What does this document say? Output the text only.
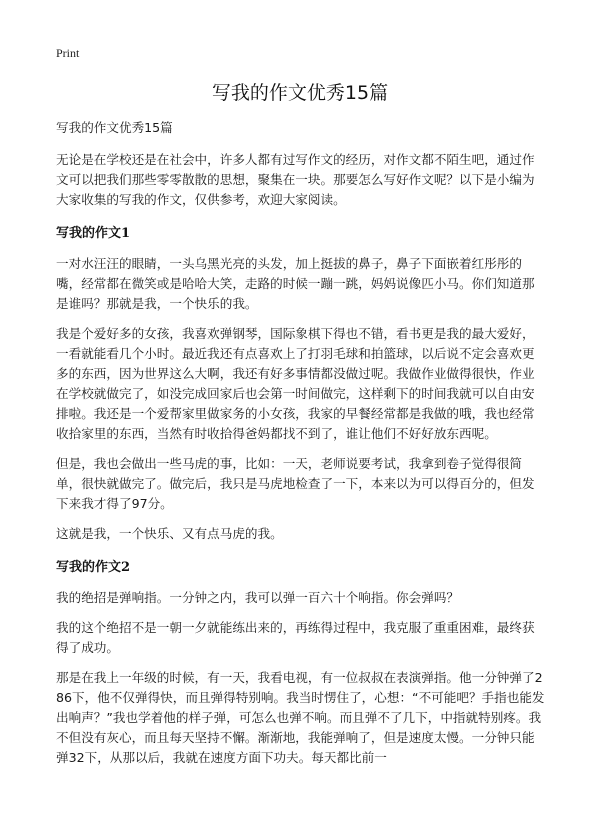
Print
写我的作文优秀15篇

写我的作文优秀15篇

无论是在学校还是在社会中，许多人都有过写作文的经历，对作文都不陌生吧，通过作文可以把我们那些零零散散的思想，聚集在一块。那要怎么写好作文呢？以下是小编为大家收集的写我的作文，仅供参考，欢迎大家阅读。

写我的作文1

一对水汪汪的眼睛，一头乌黑光亮的头发，加上挺拔的鼻子，鼻子下面嵌着红彤彤的嘴，经常都在微笑或是哈哈大笑，走路的时候一蹦一跳，妈妈说像匹小马。你们知道那是谁吗？那就是我，一个快乐的我。

我是个爱好多的女孩，我喜欢弹钢琴，国际象棋下得也不错，看书更是我的最大爱好，一看就能看几个小时。最近我还有点喜欢上了打羽毛球和拍篮球，以后说不定会喜欢更多的东西，因为世界这么大啊，我还有好多事情都没做过呢。我做作业做得很快，作业在学校就做完了，如没完成回家后也会第一时间做完，这样剩下的时间我就可以自由安排啦。我还是一个爱帮家里做家务的小女孩，我家的早餐经常都是我做的哦，我也经常收拾家里的东西，当然有时收拾得爸妈都找不到了，谁让他们不好好放东西呢。

但是，我也会做出一些马虎的事，比如：一天，老师说要考试，我拿到卷子觉得很简单，很快就做完了。做完后，我只是马虎地检查了一下，本来以为可以得百分的，但发下来我才得了97分。

这就是我，一个快乐、又有点马虎的我。

写我的作文2

我的绝招是弹响指。一分钟之内，我可以弹一百六十个响指。你会弹吗？

我的这个绝招不是一朝一夕就能练出来的，再练得过程中，我克服了重重困难，最终获得了成功。

那是在我上一年级的时候，有一天，我看电视，有一位叔叔在表演弹指。他一分钟弹了286下，他不仅弹得快，而且弹得特别响。我当时愣住了，心想：“不可能吧？手指也能发出响声？”我也学着他的样子弹，可怎么也弹不响。而且弹不了几下，中指就特别疼。我不但没有灰心，而且每天坚持不懈。渐渐地，我能弹响了，但是速度太慢。一分钟只能弹32下，从那以后，我就在速度方面下功夫。每天都比前一
